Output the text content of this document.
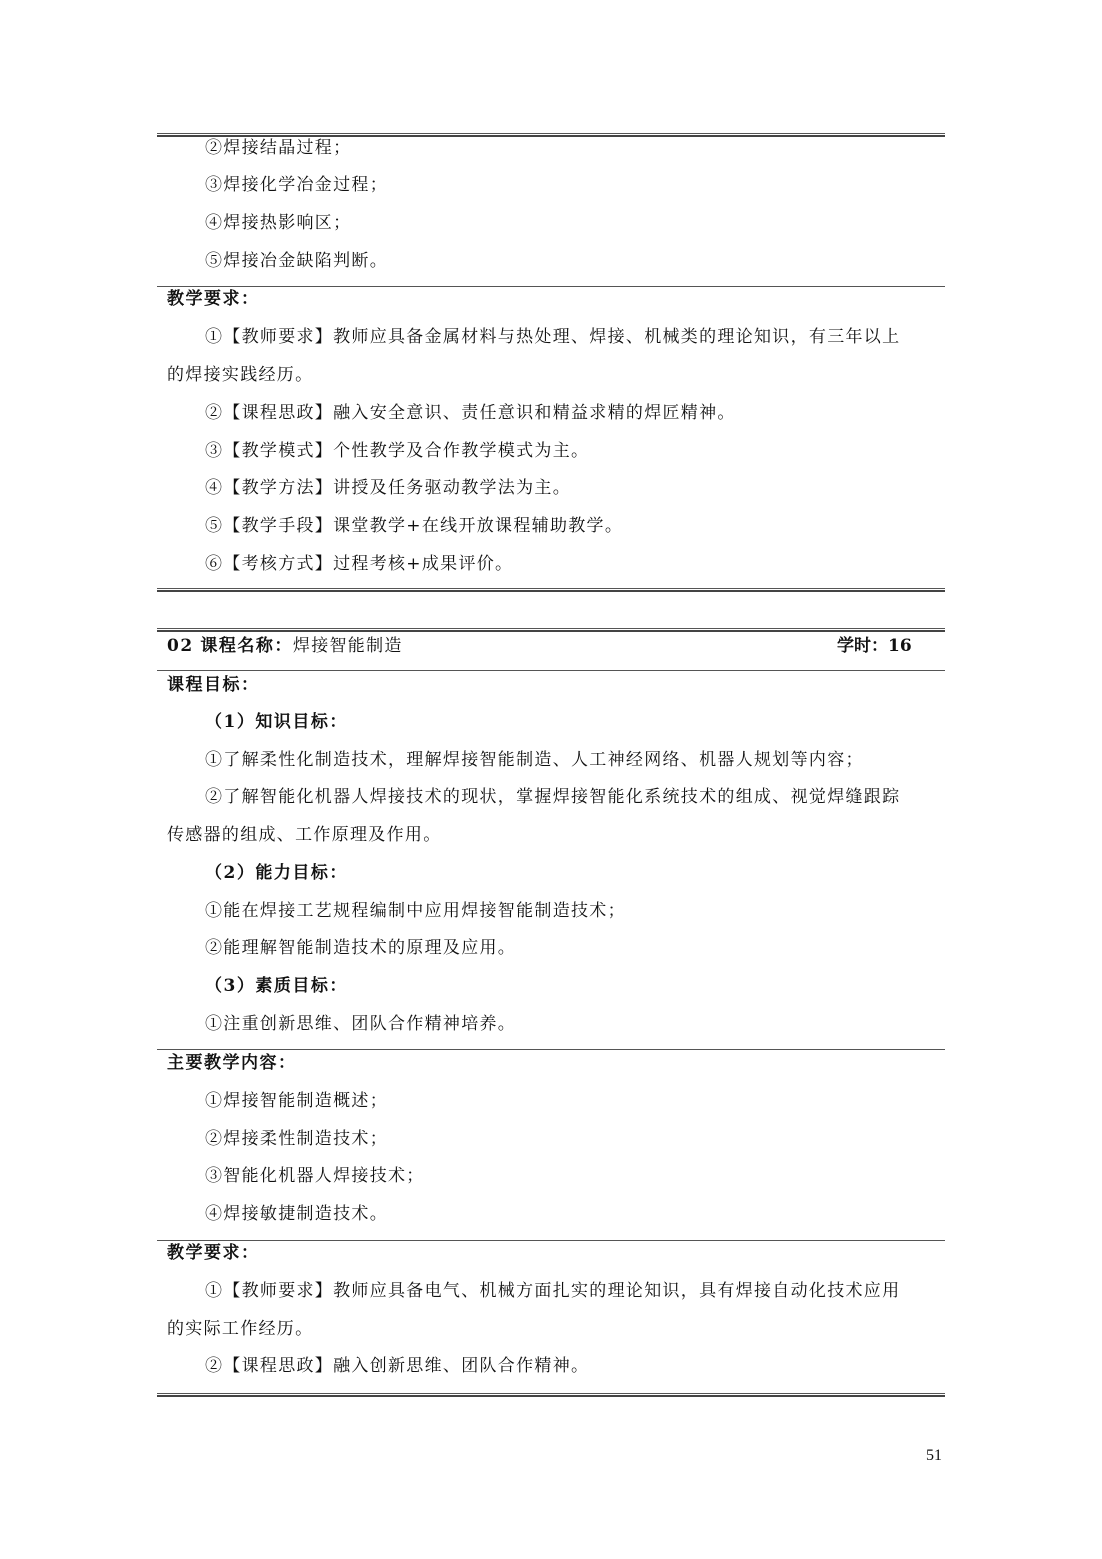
②焊接结晶过程；
③焊接化学冶金过程；
④焊接热影响区；
⑤焊接冶金缺陷判断。
教学要求：
①【教师要求】教师应具备金属材料与热处理、焊接、机械类的理论知识，有三年以上
的焊接实践经历。
②【课程思政】融入安全意识、责任意识和精益求精的焊匠精神。
③【教学模式】个性教学及合作教学模式为主。
④【教学方法】讲授及任务驱动教学法为主。
⑤【教学手段】课堂教学+在线开放课程辅助教学。
⑥【考核方式】过程考核+成果评价。
02 课程名称：焊接智能制造	学时：16
课程目标：
（1）知识目标：
①了解柔性化制造技术，理解焊接智能制造、人工神经网络、机器人规划等内容；
②了解智能化机器人焊接技术的现状，掌握焊接智能化系统技术的组成、视觉焊缝跟踪
传感器的组成、工作原理及作用。
（2）能力目标：
①能在焊接工艺规程编制中应用焊接智能制造技术；
②能理解智能制造技术的原理及应用。
（3）素质目标：
①注重创新思维、团队合作精神培养。
主要教学内容：
①焊接智能制造概述；
②焊接柔性制造技术；
③智能化机器人焊接技术；
④焊接敏捷制造技术。
教学要求：
①【教师要求】教师应具备电气、机械方面扎实的理论知识，具有焊接自动化技术应用
的实际工作经历。
②【课程思政】融入创新思维、团队合作精神。
51
